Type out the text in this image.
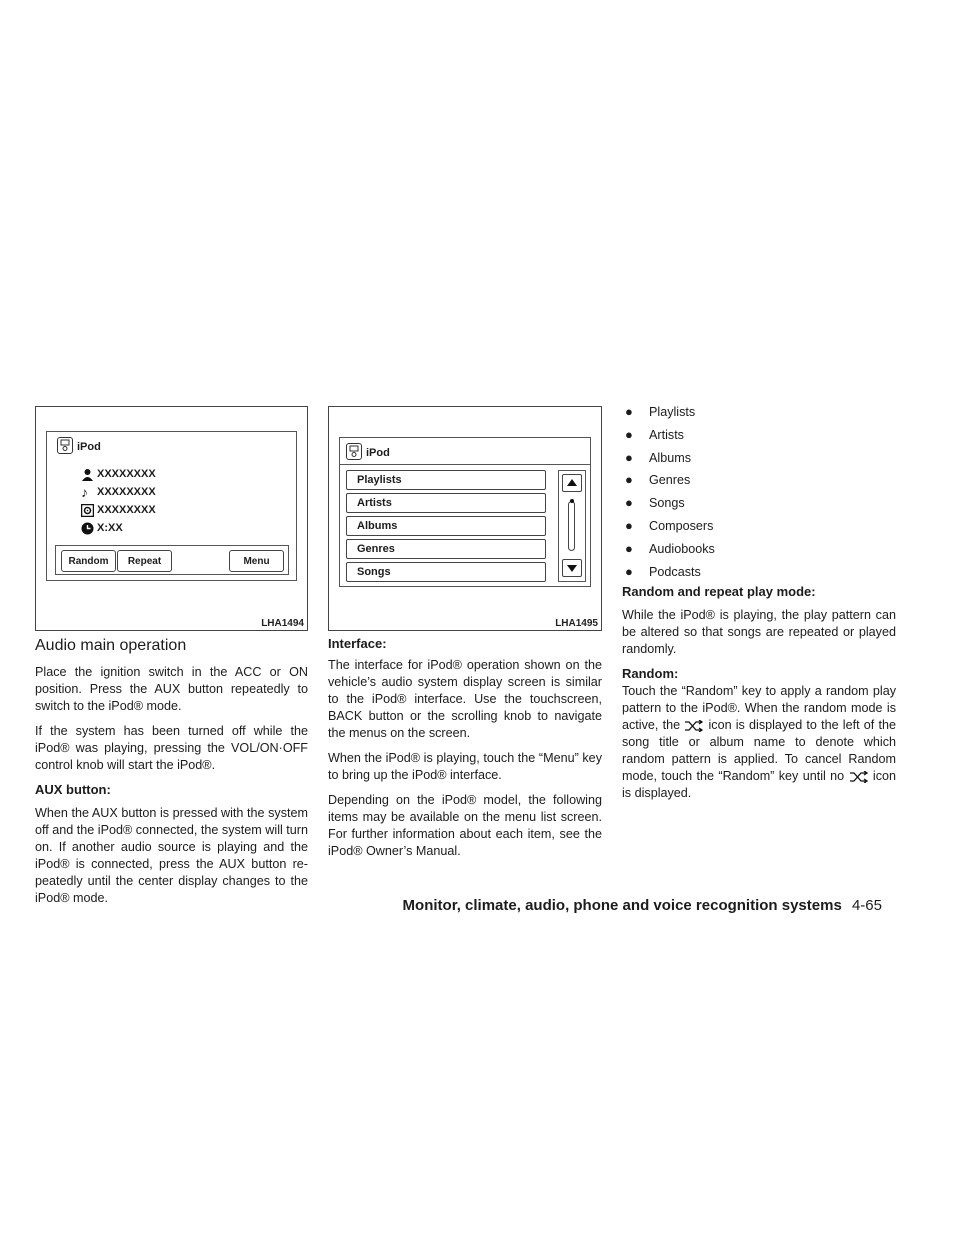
iPod
XXXXXXXX
♪ XXXXXXXX
XXXXXXXX
X:XX
Random	Repeat	Menu
LHA1494
iPod
Playlists
Artists
Albums
Genres
Songs
LHA1495
Audio main operation

Place the ignition switch in the ACC or ON position. Press the AUX button repeatedly to switch to the iPod® mode.

If the system has been turned off while the iPod® was playing, pressing the VOL/ON·OFF control knob will start the iPod®.

AUX button:

When the AUX button is pressed with the system off and the iPod® connected, the system will turn on. If another audio source is playing and the iPod® is connected, press the AUX button re-peatedly until the center display changes to the iPod® mode.

Interface:

The interface for iPod® operation shown on the vehicle’s audio system display screen is similar to the iPod® interface. Use the touchscreen, BACK button or the scrolling knob to navigate the menus on the screen.

When the iPod® is playing, touch the “Menu” key to bring up the iPod® interface.

Depending on the iPod® model, the following items may be available on the menu list screen. For further information about each item, see the iPod® Owner’s Manual.

● Playlists
● Artists
● Albums
● Genres
● Songs
● Composers
● Audiobooks
● Podcasts
Random and repeat play mode:

While the iPod® is playing, the play pattern can be altered so that songs are repeated or played randomly.

Random:

Touch the “Random” key to apply a random play pattern to the iPod®. When the random mode is active, the icon is displayed to the left of the song title or album name to denote which random pattern is applied. To cancel Random mode, touch the “Random” key until no icon is displayed.

Monitor, climate, audio, phone and voice recognition systems 4-65
